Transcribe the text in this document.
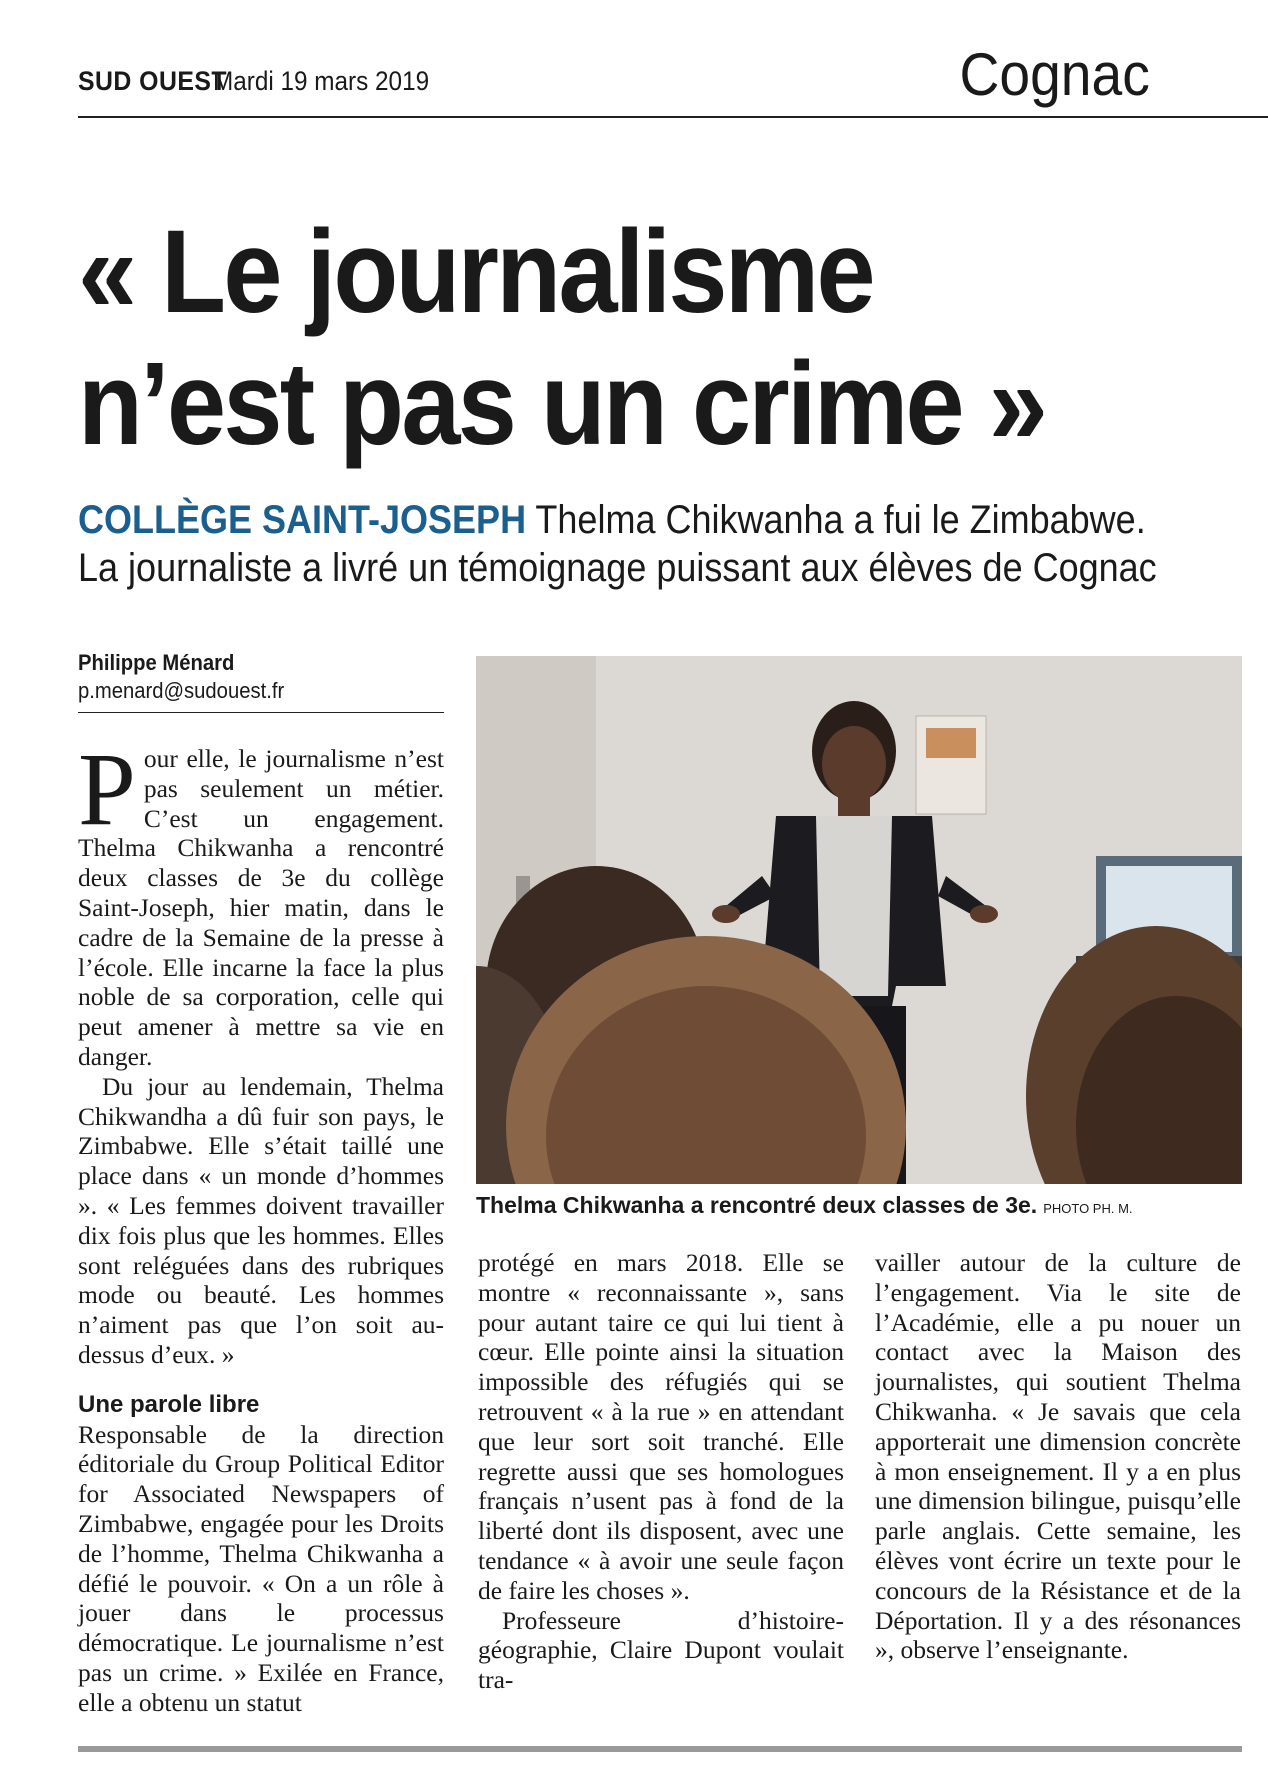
SUD OUEST
Mardi 19 mars 2019	Cognac
« Le journalisme
n’est pas un crime »
COLLÈGE SAINT-JOSEPH Thelma Chikwanha a fui le Zimbabwe.
La journaliste a livré un témoignage puissant aux élèves de Cognac
Philippe Ménard
p.menard@sudouest.fr

Pour elle, le journalisme n’est pas seulement un métier. C’est un engagement. Thelma Chikwanha a rencontré deux classes de 3e du collège Saint-Joseph, hier matin, dans le cadre de la Semaine de la presse à l’école. Elle incarne la face la plus noble de sa corporation, celle qui peut amener à mettre sa vie en danger.

Du jour au lendemain, Thelma Chikwandha a dû fuir son pays, le Zimbabwe. Elle s’était taillé une place dans « un monde d’hommes ». « Les femmes doivent travailler dix fois plus que les hommes. Elles sont reléguées dans des rubriques mode ou beauté. Les hommes n’aiment pas que l’on soit au-dessus d’eux. »

Une parole libre

Responsable de la direction éditoriale du Group Political Editor for Associated Newspapers of Zimbabwe, engagée pour les Droits de l’homme, Thelma Chikwanha a défié le pouvoir. « On a un rôle à jouer dans le processus démocratique. Le journalisme n’est pas un crime. » Exilée en France, elle a obtenu un statut

Thelma Chikwanha a rencontré deux classes de 3e. PHOTO PH. M.

protégé en mars 2018. Elle se montre « reconnaissante », sans pour autant taire ce qui lui tient à cœur. Elle pointe ainsi la situation impossible des réfugiés qui se retrouvent « à la rue » en attendant que leur sort soit tranché. Elle regrette aussi que ses homologues français n’usent pas à fond de la liberté dont ils disposent, avec une tendance « à avoir une seule façon de faire les choses ».

Professeure d’histoire-géographie, Claire Dupont voulait tra-

vailler autour de la culture de l’engagement. Via le site de l’Académie, elle a pu nouer un contact avec la Maison des journalistes, qui soutient Thelma Chikwanha. « Je savais que cela apporterait une dimension concrète à mon enseignement. Il y a en plus une dimension bilingue, puisqu’elle parle anglais. Cette semaine, les élèves vont écrire un texte pour le concours de la Résistance et de la Déportation. Il y a des résonances », observe l’enseignante.
